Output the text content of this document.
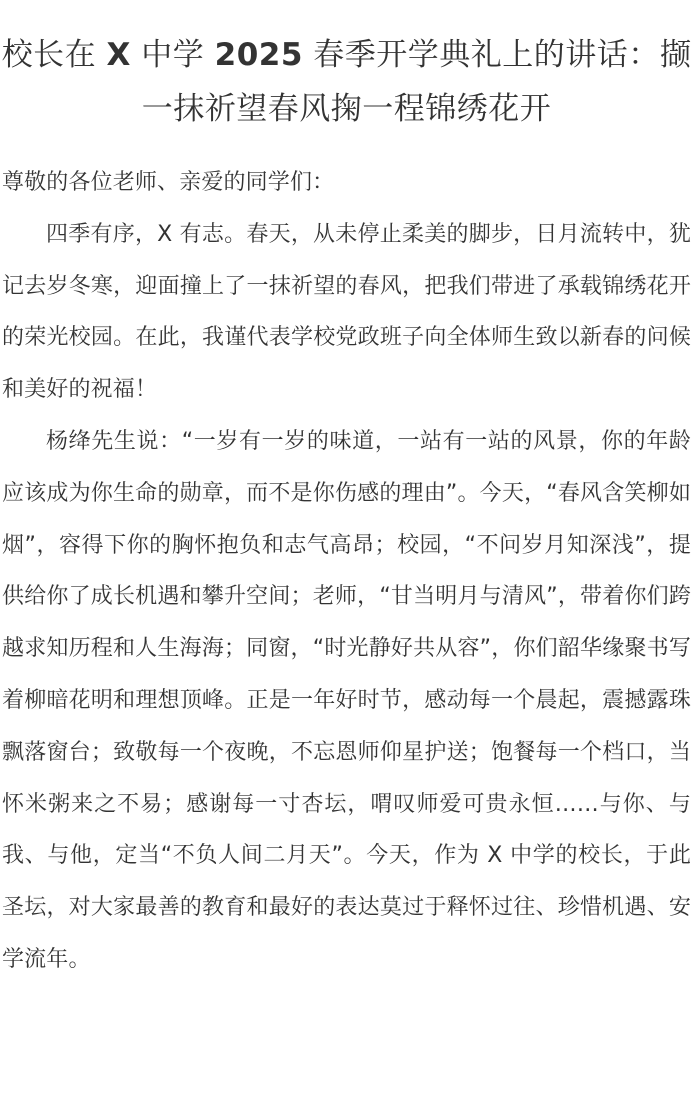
校长在 X 中学 2025 春季开学典礼上的讲话：撷一抹祈望春风掬一程锦绣花开

尊敬的各位老师、亲爱的同学们：

四季有序，X 有志。春天，从未停止柔美的脚步，日月流转中，犹记去岁冬寒，迎面撞上了一抹祈望的春风，把我们带进了承载锦绣花开的荣光校园。在此，我谨代表学校党政班子向全体师生致以新春的问候和美好的祝福！

杨绛先生说：“一岁有一岁的味道，一站有一站的风景，你的年龄应该成为你生命的勋章，而不是你伤感的理由”。今天，“春风含笑柳如烟”，容得下你的胸怀抱负和志气高昂；校园，“不问岁月知深浅”，提供给你了成长机遇和攀升空间；老师，“甘当明月与清风”，带着你们跨越求知历程和人生海海；同窗，“时光静好共从容”，你们韶华缘聚书写着柳暗花明和理想顶峰。正是一年好时节，感动每一个晨起，震撼露珠飘落窗台；致敬每一个夜晚，不忘恩师仰星护送；饱餐每一个档口，当怀米粥来之不易；感谢每一寸杏坛，喟叹师爱可贵永恒……与你、与我、与他，定当“不负人间二月天”。今天，作为 X 中学的校长，于此圣坛，对大家最善的教育和最好的表达莫过于释怀过往、珍惜机遇、安学流年。
